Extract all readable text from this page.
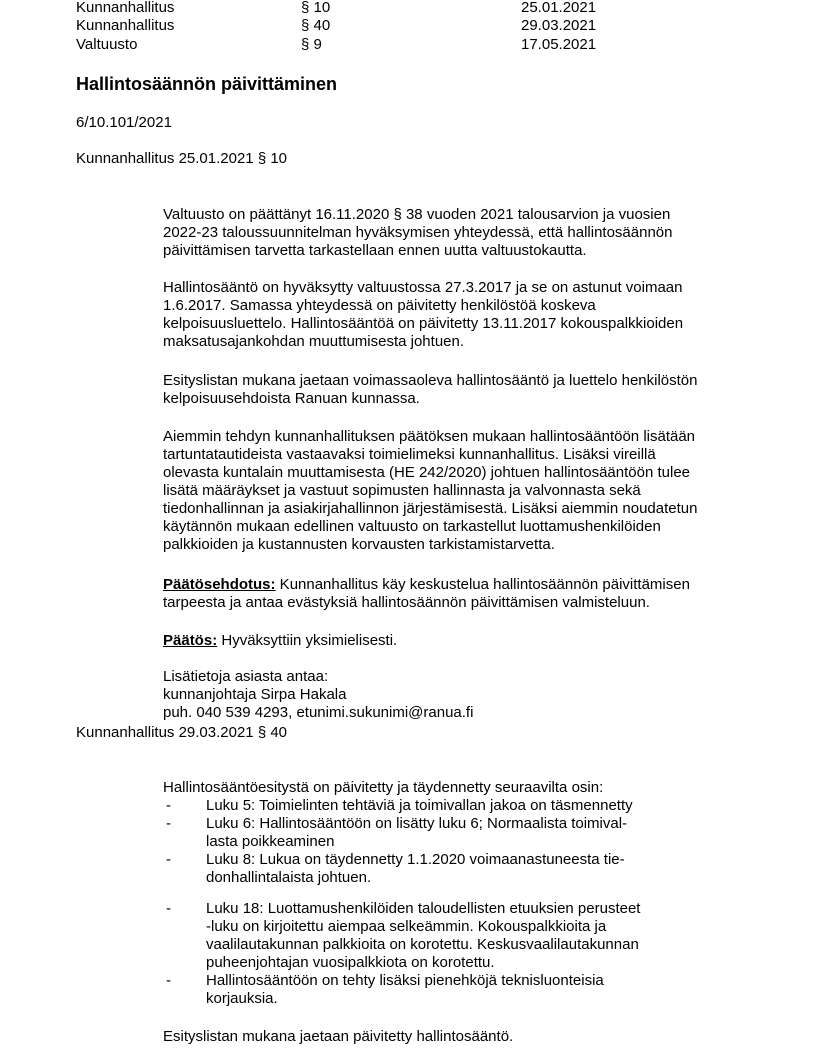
Kunnanhallitus	§ 10	25.01.2021
Kunnanhallitus	§ 40	29.03.2021
Valtuusto	§ 9	17.05.2021
Hallintosäännön päivittäminen
6/10.101/2021
Kunnanhallitus 25.01.2021 § 10
Valtuusto on päättänyt 16.11.2020 § 38 vuoden 2021 talousarvion ja vuosien
2022-23 taloussuunnitelman hyväksymisen yhteydessä, että hallintosäännön
päivittämisen tarvetta tarkastellaan ennen uutta valtuustokautta.
Hallintosääntö on hyväksytty valtuustossa 27.3.2017 ja se on astunut voimaan
1.6.2017. Samassa yhteydessä on päivitetty henkilöstöä koskeva
kelpoisuusluettelo. Hallintosääntöä on päivitetty 13.11.2017 kokouspalkkioiden
maksatusajankohdan muuttumisesta johtuen.
Esityslistan mukana jaetaan voimassaoleva hallintosääntö ja luettelo henkilöstön
kelpoisuusehdoista Ranuan kunnassa.
Aiemmin tehdyn kunnanhallituksen päätöksen mukaan hallintosääntöön lisätään
tartuntatautideista vastaavaksi toimielimeksi kunnanhallitus. Lisäksi vireillä
olevasta kuntalain muuttamisesta (HE 242/2020) johtuen hallintosääntöön tulee
lisätä määräykset ja vastuut sopimusten hallinnasta ja valvonnasta sekä
tiedonhallinnan ja asiakirjahallinnon järjestämisestä. Lisäksi aiemmin noudatetun
käytännön mukaan edellinen valtuusto on tarkastellut luottamushenkilöiden
palkkioiden ja kustannusten korvausten tarkistamistarvetta.
Päätösehdotus: Kunnanhallitus käy keskustelua hallintosäännön päivittämisen
tarpeesta ja antaa evästyksiä hallintosäännön päivittämisen valmisteluun.
Päätös: Hyväksyttiin yksimielisesti.
Lisätietoja asiasta antaa:
kunnanjohtaja Sirpa Hakala
puh. 040 539 4293, etunimi.sukunimi@ranua.fi
Kunnanhallitus 29.03.2021 § 40
Hallintosääntöesitystä on päivitetty ja täydennetty seuraavilta osin:
- Luku 5: Toimielinten tehtäviä ja toimivallan jakoa on täsmennetty
- Luku 6: Hallintosääntöön on lisätty luku 6; Normaalista toimival-
lasta poikkeaminen
- Luku 8: Lukua on täydennetty 1.1.2020 voimaanastuneesta tie-
donhallintalaista johtuen.
- Luku 18: Luottamushenkilöiden taloudellisten etuuksien perusteet
-luku on kirjoitettu aiempaa selkeämmin. Kokouspalkkioita ja
vaalilautakunnan palkkioita on korotettu. Keskusvaalilautakunnan
puheenjohtajan vuosipalkkiota on korotettu.
- Hallintosääntöön on tehty lisäksi pienehköjä teknisluonteisia
korjauksia.
Esityslistan mukana jaetaan päivitetty hallintosääntö.
